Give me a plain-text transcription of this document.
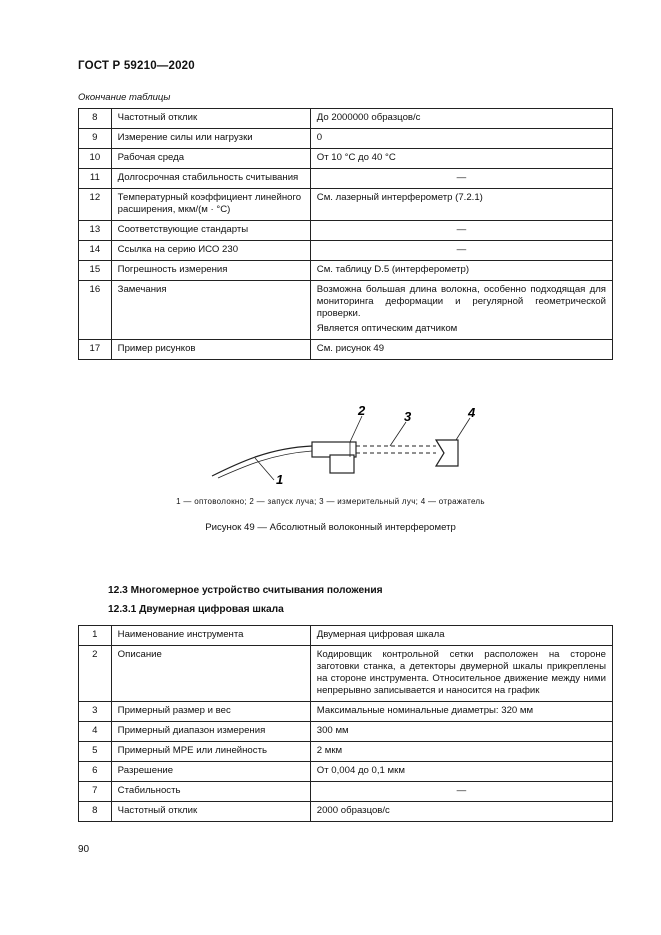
ГОСТ Р 59210—2020
Окончание таблицы
8	Частотный отклик	До 2000000 образцов/с
9	Измерение силы или нагрузки	0
10	Рабочая среда	От 10 °С до 40 °С
11	Долгосрочная стабильность считывания	—
12	Температурный коэффициент линейного расширения, мкм/(м · °С)	См. лазерный интерферометр (7.2.1)
13	Соответствующие стандарты	—
14	Ссылка на серию ИСО 230	—
15	Погрешность измерения	См. таблицу D.5 (интерферометр)
16	Замечания	Возможна большая длина волокна, особенно подходящая для мониторинга деформации и регулярной геометрической проверки.
Является оптическим датчиком

17	Пример рисунков	См. рисунок 49
1
2	3	4
1 — оптоволокно; 2 — запуск луча; 3 — измерительный луч; 4 — отражатель
Рисунок 49 — Абсолютный волоконный интерферометр
12.3 Многомерное устройство считывания положения
12.3.1 Двумерная цифровая шкала
1	Наименование инструмента	Двумерная цифровая шкала
2	Описание	Кодировщик контрольной сетки расположен на стороне заготовки станка, а детекторы двумерной шкалы прикреплены на стороне инструмента. Относительное движение между ними непрерывно записывается и наносится на график
3	Примерный размер и вес	Максимальные номинальные диаметры: 320 мм
4	Примерный диапазон измерения	300 мм
5	Примерный MPE или линейность	2 мкм
6	Разрешение	От 0,004 до 0,1 мкм
7	Стабильность	—
8	Частотный отклик	2000 образцов/с
90
